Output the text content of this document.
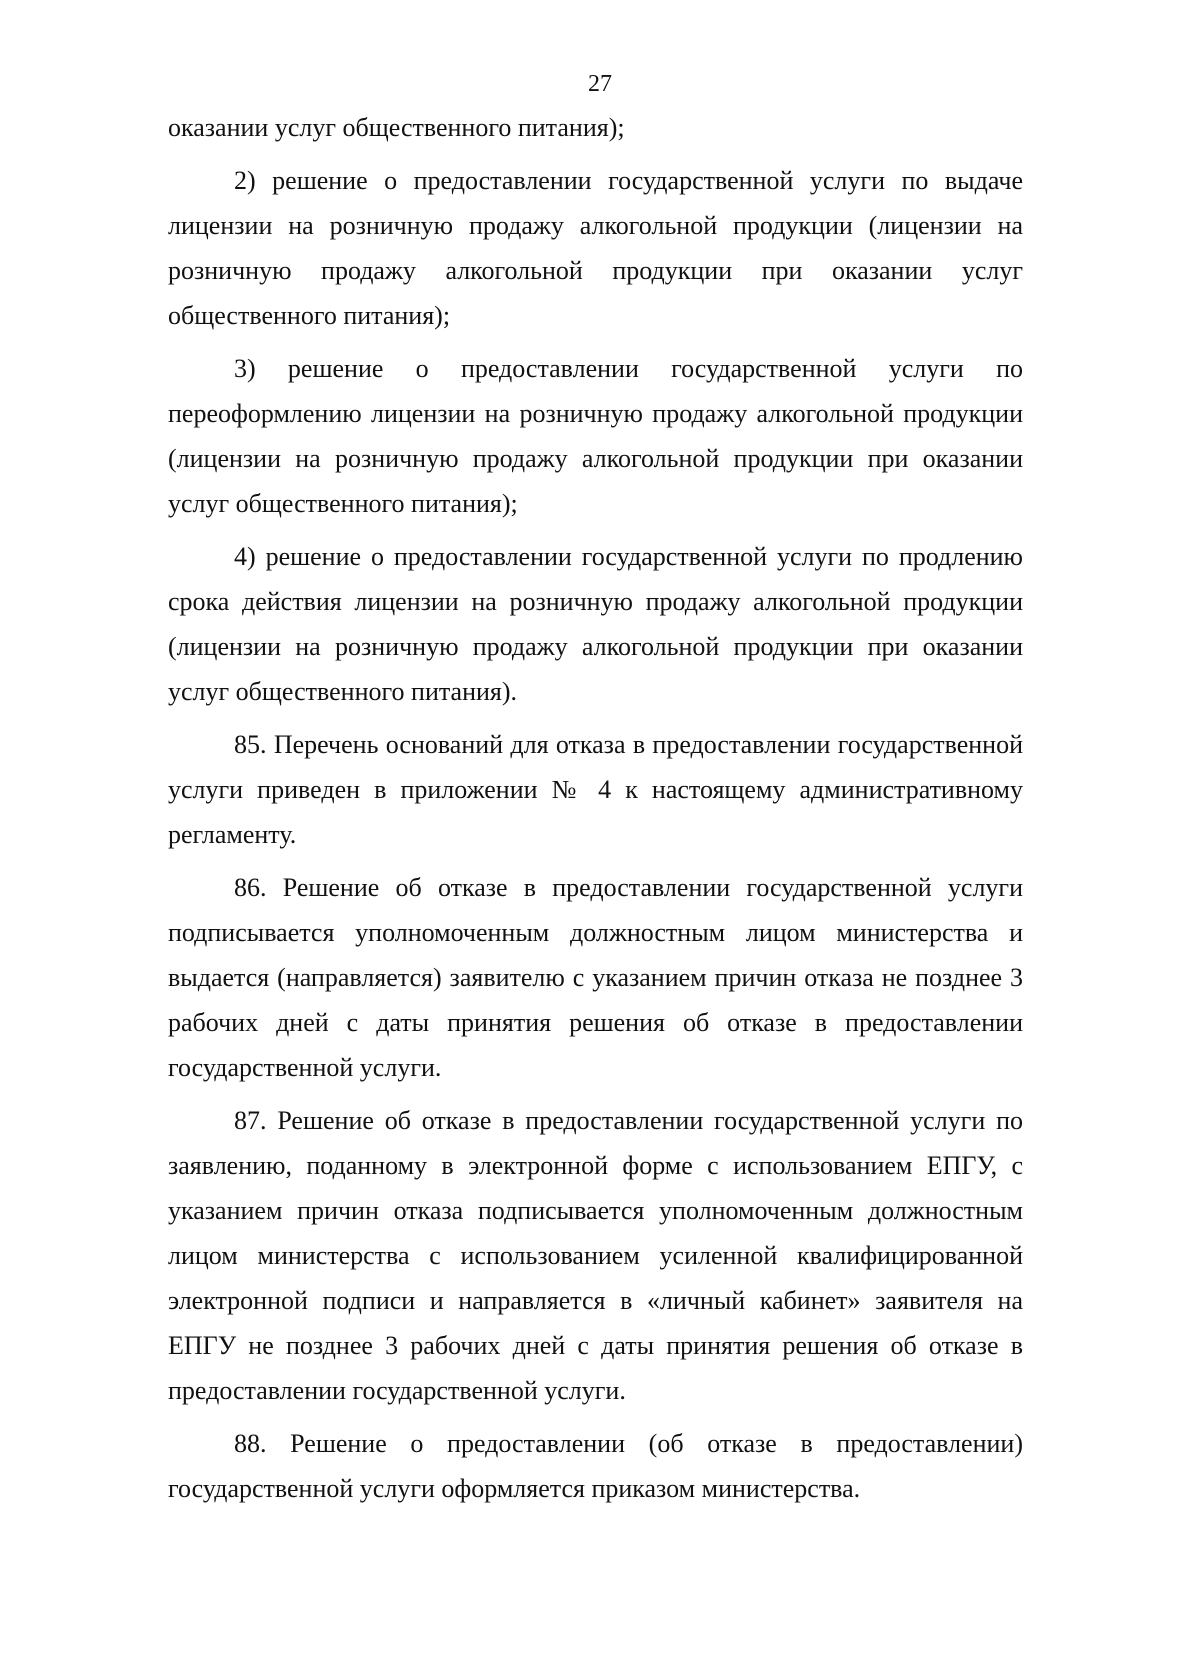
27

оказании услуг общественного питания);

2) решение о предоставлении государственной услуги по выдаче лицензии на розничную продажу алкогольной продукции (лицензии на розничную продажу алкогольной продукции при оказании услуг общественного питания);

3) решение о предоставлении государственной услуги по переоформлению лицензии на розничную продажу алкогольной продукции (лицензии на розничную продажу алкогольной продукции при оказании услуг общественного питания);

4) решение о предоставлении государственной услуги по продлению срока действия лицензии на розничную продажу алкогольной продукции (лицензии на розничную продажу алкогольной продукции при оказании услуг общественного питания).

85. Перечень оснований для отказа в предоставлении государственной услуги приведен в приложении № 4 к настоящему административному регламенту.

86. Решение об отказе в предоставлении государственной услуги подписывается уполномоченным должностным лицом министерства и выдается (направляется) заявителю с указанием причин отказа не позднее 3 рабочих дней с даты принятия решения об отказе в предоставлении государственной услуги.

87. Решение об отказе в предоставлении государственной услуги по заявлению, поданному в электронной форме с использованием ЕПГУ, с указанием причин отказа подписывается уполномоченным должностным лицом министерства с использованием усиленной квалифицированной электронной подписи и направляется в «личный кабинет» заявителя на ЕПГУ не позднее 3 рабочих дней с даты принятия решения об отказе в предоставлении государственной услуги.

88. Решение о предоставлении (об отказе в предоставлении) государственной услуги оформляется приказом министерства.
